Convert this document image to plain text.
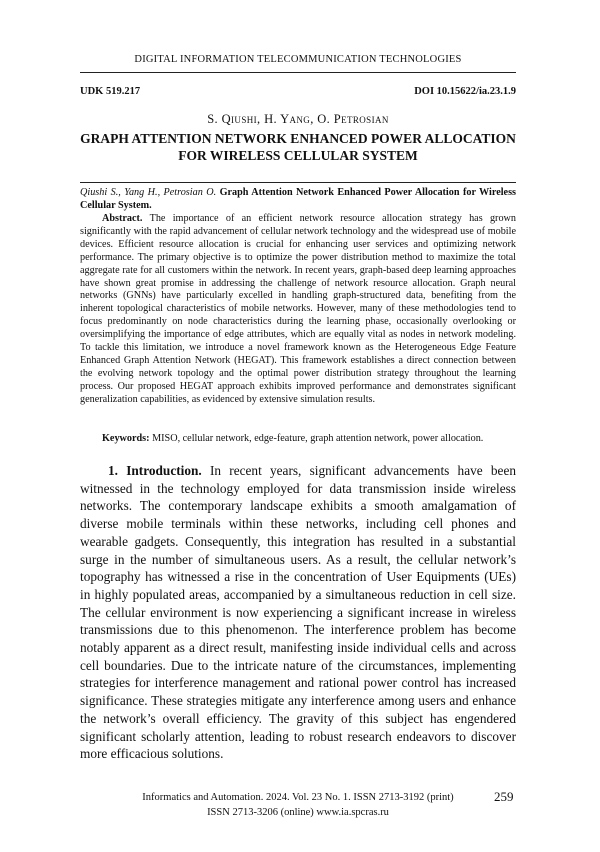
DIGITAL INFORMATION TELECOMMUNICATION TECHNOLOGIES
UDK 519.217	DOI 10.15622/ia.23.1.9
S. Qiushi, H. Yang, O. Petrosian
GRAPH ATTENTION NETWORK ENHANCED POWER ALLOCATION FOR WIRELESS CELLULAR SYSTEM
Qiushi S., Yang H., Petrosian O. Graph Attention Network Enhanced Power Allocation for Wireless Cellular System.

Abstract. The importance of an efficient network resource allocation strategy has grown significantly with the rapid advancement of cellular network technology and the widespread use of mobile devices. Efficient resource allocation is crucial for enhancing user services and optimizing network performance. The primary objective is to optimize the power distribution method to maximize the total aggregate rate for all customers within the network. In recent years, graph-based deep learning approaches have shown great promise in addressing the challenge of network resource allocation. Graph neural networks (GNNs) have particularly excelled in handling graph-structured data, benefiting from the inherent topological characteristics of mobile networks. However, many of these methodologies tend to focus predominantly on node characteristics during the learning phase, occasionally overlooking or oversimplifying the importance of edge attributes, which are equally vital as nodes in network modeling. To tackle this limitation, we introduce a novel framework known as the Heterogeneous Edge Feature Enhanced Graph Attention Network (HEGAT). This framework establishes a direct connection between the evolving network topology and the optimal power distribution strategy throughout the learning process. Our proposed HEGAT approach exhibits improved performance and demonstrates significant generalization capabilities, as evidenced by extensive simulation results.

Keywords: MISO, cellular network, edge-feature, graph attention network, power allocation.

1. Introduction. In recent years, significant advancements have been witnessed in the technology employed for data transmission inside wireless networks. The contemporary landscape exhibits a smooth amalgamation of diverse mobile terminals within these networks, including cell phones and wearable gadgets. Consequently, this integration has resulted in a substantial surge in the number of simultaneous users. As a result, the cellular network’s topography has witnessed a rise in the concentration of User Equipments (UEs) in highly populated areas, accompanied by a simultaneous reduction in cell size. The cellular environment is now experiencing a significant increase in wireless transmissions due to this phenomenon. The interference problem has become notably apparent as a direct result, manifesting inside individual cells and across cell boundaries. Due to the intricate nature of the circumstances, implementing strategies for interference management and rational power control has increased significance. These strategies mitigate any interference among users and enhance the network’s overall efficiency. The gravity of this subject has engendered significant scholarly attention, leading to robust research endeavors to discover more efficacious solutions.

Informatics and Automation. 2024. Vol. 23 No. 1. ISSN 2713-3192 (print)
ISSN 2713-3206 (online) www.ia.spcras.ru
259
